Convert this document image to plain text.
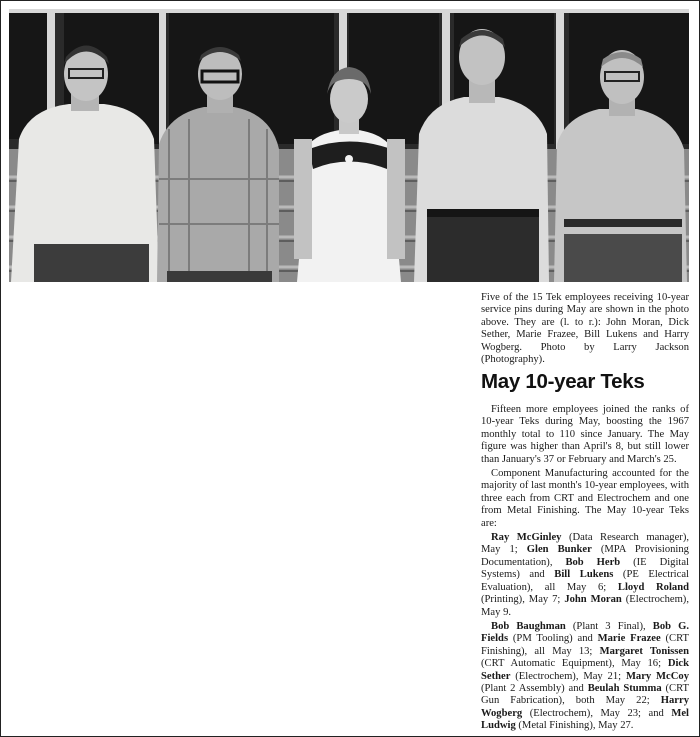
Five of the 15 Tek employees receiving 10-year service pins during May are shown in the photo above. They are (l. to r.): John Moran, Dick Sether, Marie Frazee, Bill Lukens and Harry Wogberg. Photo by Larry Jackson (Photography).
May 10-year Teks

Fifteen more employees joined the ranks of 10-year Teks during May, boosting the 1967 monthly total to 110 since January. The May figure was higher than April's 8, but still lower than January's 37 or February and March's 25.

Component Manufacturing accounted for the majority of last month's 10-year employees, with three each from CRT and Electrochem and one from Metal Finishing. The May 10-year Teks are:

Ray McGinley (Data Research manager), May 1; Glen Bunker (MPA Provisioning Documentation), Bob Herb (IE Digital Systems) and Bill Lukens (PE Electrical Evaluation), all May 6; Lloyd Roland (Printing), May 7; John Moran (Electrochem), May 9.

Bob Baughman (Plant 3 Final), Bob G. Fields (PM Tooling) and Marie Frazee (CRT Finishing), all May 13; Margaret Tonissen (CRT Automatic Equipment), May 16; Dick Sether (Electrochem), May 21; Mary McCoy (Plant 2 Assembly) and Beulah Stumma (CRT Gun Fabrication), both May 22; Harry Wogberg (Electrochem), May 23; and Mel Ludwig (Metal Finishing), May 27.
